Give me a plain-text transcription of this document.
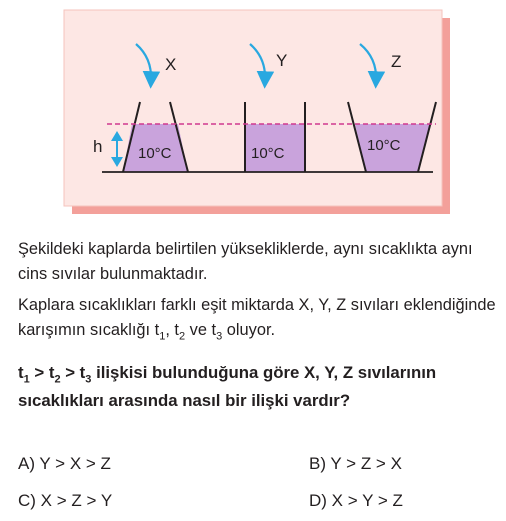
h 10°C	10°C	10°C
X	Y	Z

Şekildeki kaplarda belirtilen yüksekliklerde, aynı sıcaklıkta aynı cins sıvılar bulunmaktadır.

Kaplara sıcaklıkları farklı eşit miktarda X, Y, Z sıvıları eklendiğinde karışımın sıcaklığı $t_1$, $t_2$ ve $t_3$ oluyor.

$t_1 > t_2 > t_3$ ilişkisi bulunduğuna göre X, Y, Z sıvılarının sıcaklıkları arasında nasıl bir ilişki vardır?

A) Y > X > Z	B) Y > Z > X
C) X > Z > Y	D) X > Y > Z
